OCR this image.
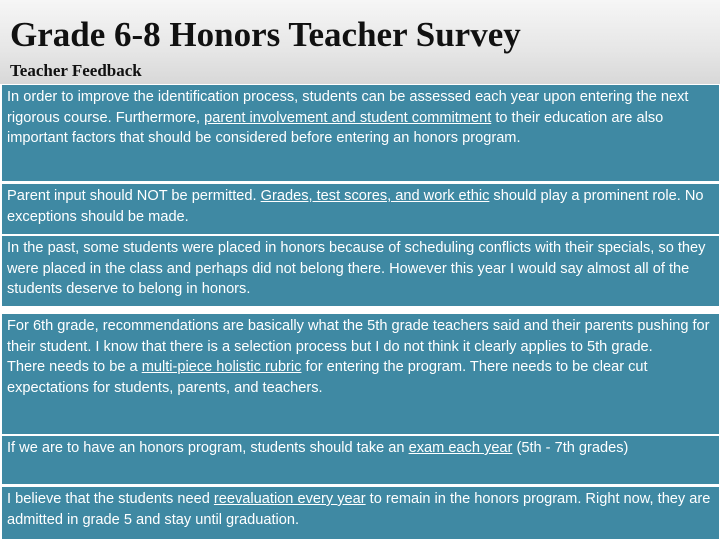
Grade 6-8 Honors Teacher Survey
Teacher Feedback
In order to improve the identification process, students can be assessed each year upon entering the next rigorous course. Furthermore, parent involvement and student commitment to their education are also important factors that should be considered before entering an honors program.
Parent input should NOT be permitted. Grades, test scores, and work ethic should play a prominent role. No exceptions should be made.
In the past, some students were placed in honors because of scheduling conflicts with their specials, so they were placed in the class and perhaps did not belong there. However this year I would say almost all of the students deserve to belong in honors.
For 6th grade, recommendations are basically what the 5th grade teachers said and their parents pushing for their student. I know that there is a selection process but I do not think it clearly applies to 5th grade.
There needs to be a multi-piece holistic rubric for entering the program. There needs to be clear cut expectations for students, parents, and teachers.
If we are to have an honors program, students should take an exam each year (5th - 7th grades)
I believe that the students need reevaluation every year to remain in the honors program. Right now, they are admitted in grade 5 and stay until graduation.
